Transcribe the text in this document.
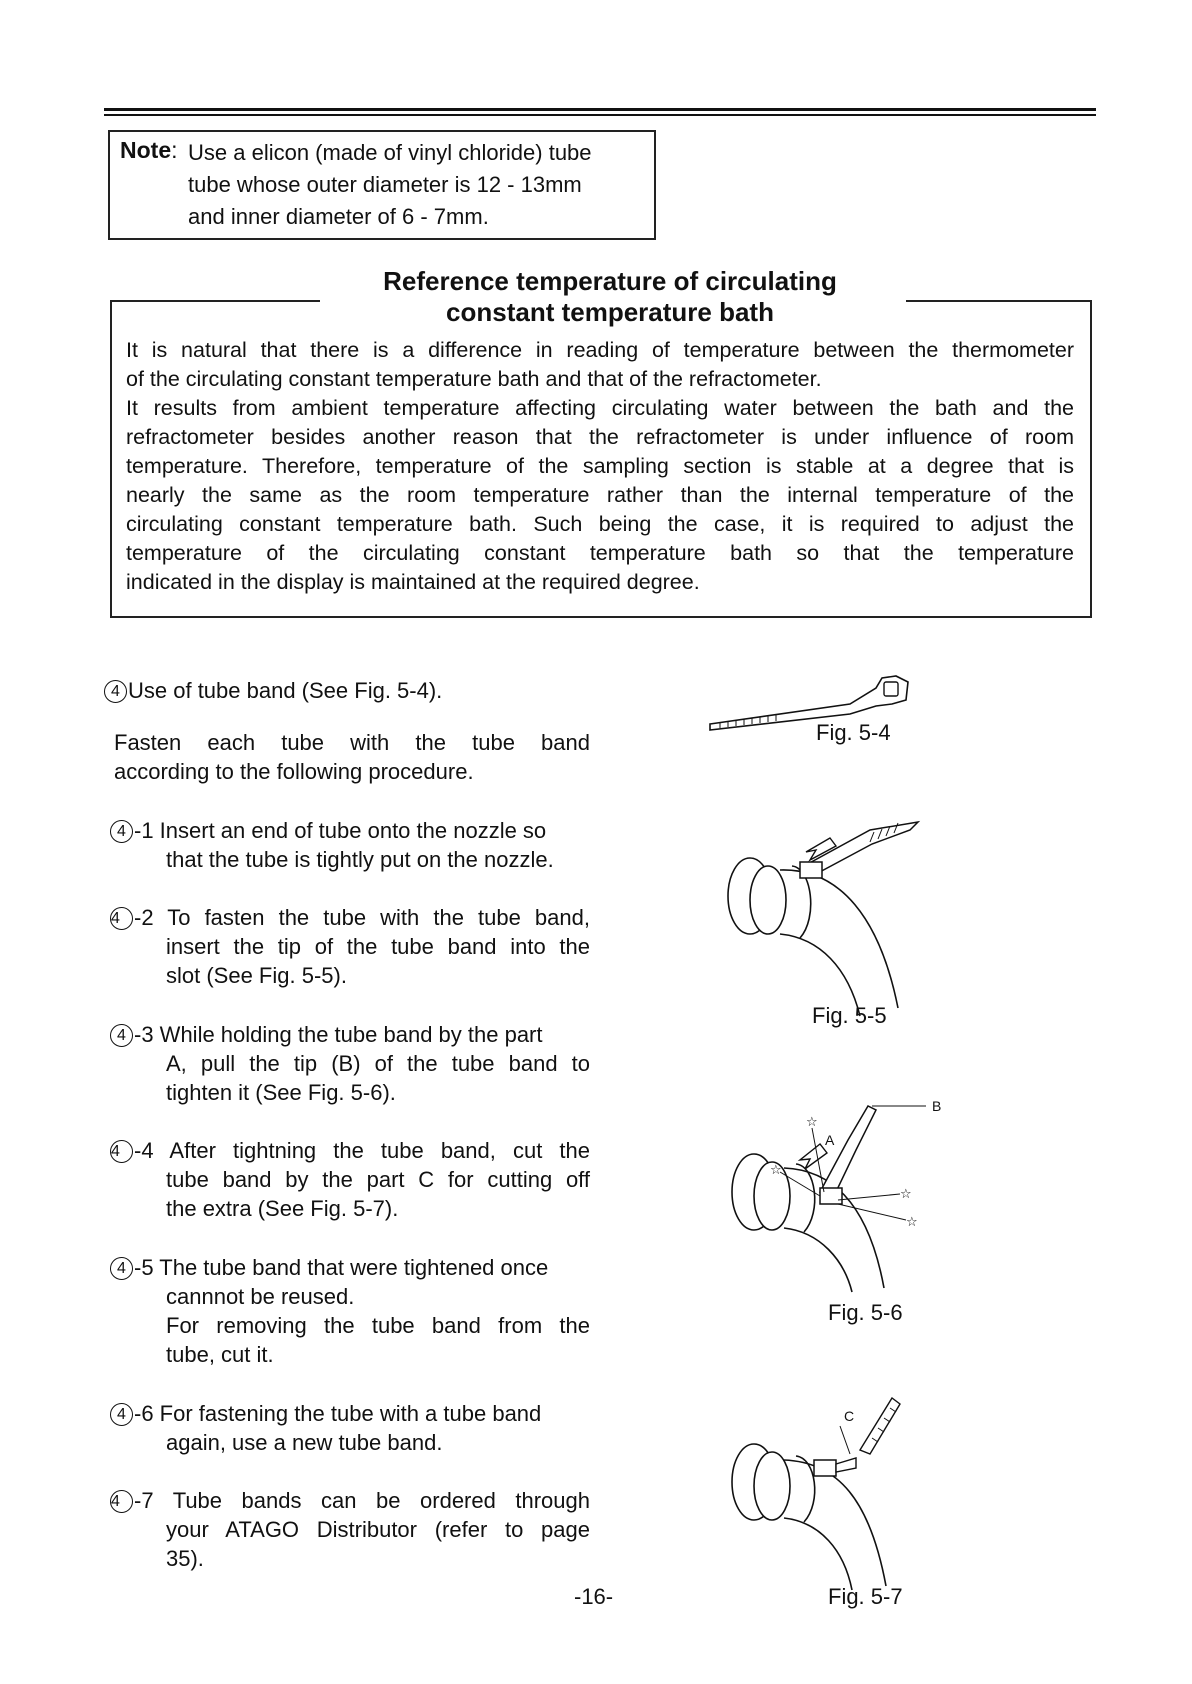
Note: Use a elicon (made of vinyl chloride) tube
tube whose outer diameter is 12 - 13mm
and inner diameter of 6 - 7mm.
Reference temperature of circulating
constant temperature bath
It is natural that there is a difference in reading of temperature between the thermometer
of the circulating constant temperature bath and that of the refractometer.
It results from ambient temperature affecting circulating water between the bath and the
refractometer besides another reason that the refractometer is under influence of room
temperature. Therefore, temperature of the sampling section is stable at a degree that is
nearly the same as the room temperature rather than the internal temperature of the
circulating constant temperature bath. Such being the case, it is required to adjust the
temperature of the circulating constant temperature bath so that the temperature
indicated in the display is maintained at the required degree.
4 Use of tube band (See Fig. 5-4).
Fasten each tube with the tube band
according to the following procedure.
4 -1 Insert an end of tube onto the nozzle so
that the tube is tightly put on the nozzle.
4 -2 To fasten the tube with the tube band,
insert the tip of the tube band into the
slot (See Fig. 5-5).
4 -3 While holding the tube band by the part
A, pull the tip (B) of the tube band to
tighten it (See Fig. 5-6).
4 -4 After tightning the tube band, cut the
tube band by the part C for cutting off
the extra (See Fig. 5-7).
4 -5 The tube band that were tightened once
cannnot be reused.
For removing the tube band from the
tube, cut it.
4 -6 For fastening the tube with a tube band
again, use a new tube band.
4 -7 Tube bands can be ordered through
your ATAGO Distributor (refer to page
35).
Fig. 5-4
Fig. 5-5
☆
☆
☆
☆
A
B
Fig. 5-6
C
Fig. 5-7
-16-
